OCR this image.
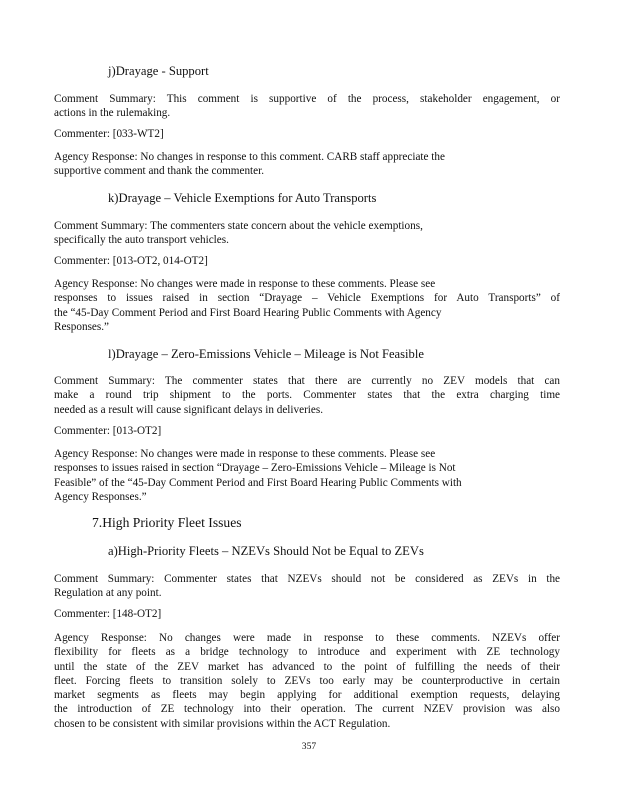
j)Drayage - Support
Comment Summary: This comment is supportive of the process, stakeholder engagement, or
actions in the rulemaking.
Commenter: [033-WT2]
Agency Response: No changes in response to this comment. CARB staff appreciate the
supportive comment and thank the commenter.
k)Drayage – Vehicle Exemptions for Auto Transports
Comment Summary: The commenters state concern about the vehicle exemptions,
specifically the auto transport vehicles.
Commenter: [013-OT2, 014-OT2]
Agency Response: No changes were made in response to these comments. Please see
responses to issues raised in section “Drayage – Vehicle Exemptions for Auto Transports” of
the “45-Day Comment Period and First Board Hearing Public Comments with Agency
Responses.”
l)Drayage – Zero-Emissions Vehicle – Mileage is Not Feasible
Comment Summary: The commenter states that there are currently no ZEV models that can
make a round trip shipment to the ports. Commenter states that the extra charging time
needed as a result will cause significant delays in deliveries.
Commenter: [013-OT2]
Agency Response: No changes were made in response to these comments. Please see
responses to issues raised in section “Drayage – Zero-Emissions Vehicle – Mileage is Not
Feasible” of the “45-Day Comment Period and First Board Hearing Public Comments with
Agency Responses.”
7.High Priority Fleet Issues
a)High-Priority Fleets – NZEVs Should Not be Equal to ZEVs
Comment Summary: Commenter states that NZEVs should not be considered as ZEVs in the
Regulation at any point.
Commenter: [148-OT2]
Agency Response: No changes were made in response to these comments. NZEVs offer
flexibility for fleets as a bridge technology to introduce and experiment with ZE technology
until the state of the ZEV market has advanced to the point of fulfilling the needs of their
fleet. Forcing fleets to transition solely to ZEVs too early may be counterproductive in certain
market segments as fleets may begin applying for additional exemption requests, delaying
the introduction of ZE technology into their operation. The current NZEV provision was also
chosen to be consistent with similar provisions within the ACT Regulation.
357
